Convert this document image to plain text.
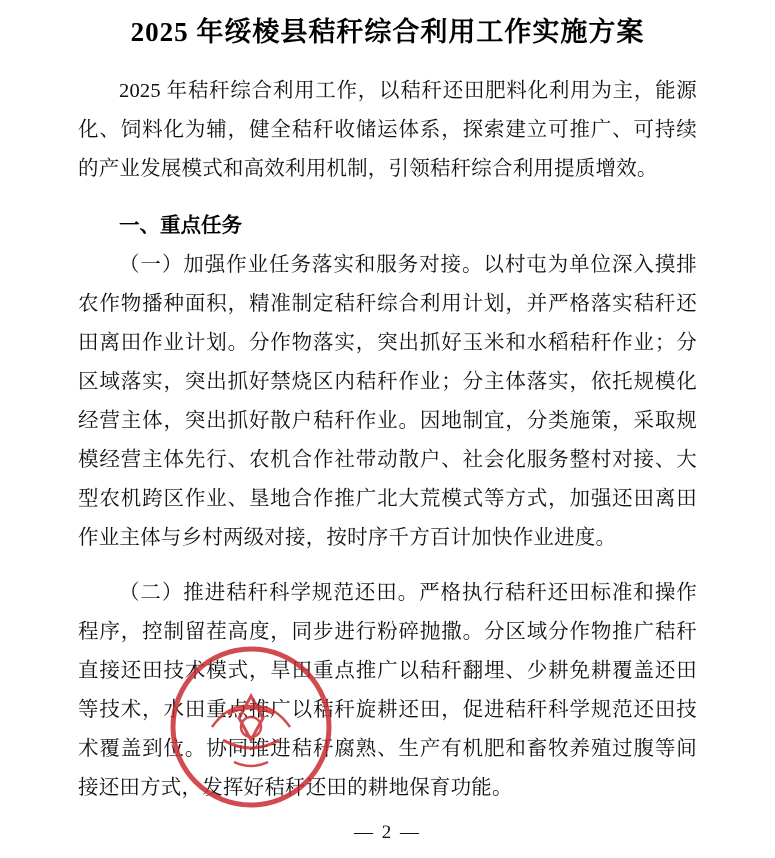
2025 年绥棱县秸秆综合利用工作实施方案

2025 年秸秆综合利用工作，以秸秆还田肥料化利用为主，能源化、饲料化为辅，健全秸秆收储运体系，探索建立可推广、可持续的产业发展模式和高效利用机制，引领秸秆综合利用提质增效。

一、重点任务

（一）加强作业任务落实和服务对接。以村屯为单位深入摸排农作物播种面积，精准制定秸秆综合利用计划，并严格落实秸秆还田离田作业计划。分作物落实，突出抓好玉米和水稻秸秆作业；分区域落实，突出抓好禁烧区内秸秆作业；分主体落实，依托规模化经营主体，突出抓好散户秸秆作业。因地制宜，分类施策，采取规模经营主体先行、农机合作社带动散户、社会化服务整村对接、大型农机跨区作业、垦地合作推广北大荒模式等方式，加强还田离田作业主体与乡村两级对接，按时序千方百计加快作业进度。

（二）推进秸秆科学规范还田。严格执行秸秆还田标准和操作程序，控制留茬高度，同步进行粉碎抛撒。分区域分作物推广秸秆直接还田技术模式，旱田重点推广以秸秆翻埋、少耕免耕覆盖还田等技术，水田重点推广以秸秆旋耕还田，促进秸秆科学规范还田技术覆盖到位。协同推进秸秆腐熟、生产有机肥和畜牧养殖过腹等间接还田方式，发挥好秸秆还田的耕地保育功能。

— 2 —
